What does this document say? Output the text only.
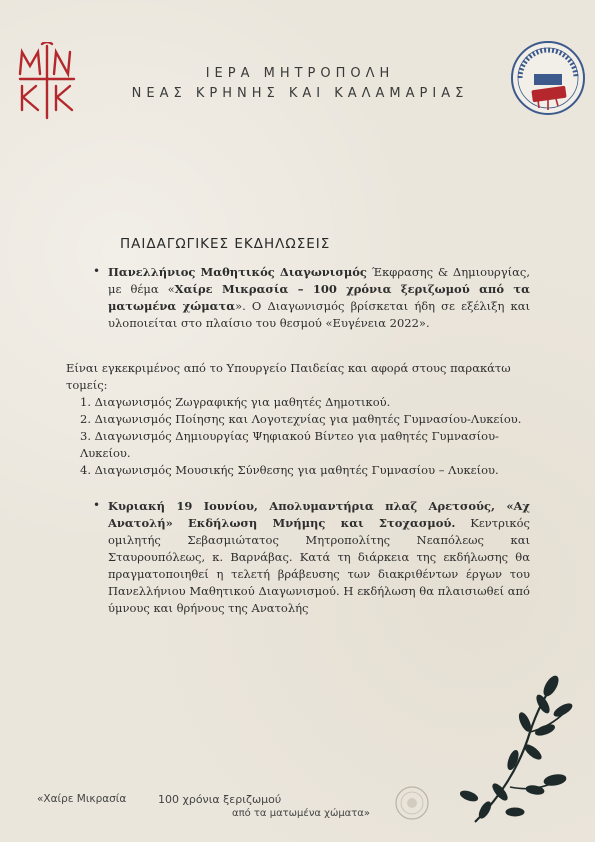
ΙΕΡΑ ΜΗΤΡΟΠΟΛΗ
ΝΕΑΣ ΚΡΗΝΗΣ ΚΑΙ ΚΑΛΑΜΑΡΙΑΣ
ΠΑΙΔΑΓΩΓΙΚΕΣ ΕΚΔΗΛΩΣΕΙΣ
• Πανελλήνιος Μαθητικός Διαγωνισμός Έκφρασης & Δημιουργίας, με θέμα «Χαίρε Μικρασία – 100 χρόνια ξεριζωμού από τα ματωμένα χώματα». Ο Διαγωνισμός βρίσκεται ήδη σε εξέλιξη και υλοποιείται στο πλαίσιο του θεσμού «Ευγένεια 2022».
Είναι εγκεκριμένος από το Υπουργείο Παιδείας και αφορά στους παρακάτω τομείς:
1. Διαγωνισμός Ζωγραφικής για μαθητές Δημοτικού.
2. Διαγωνισμός Ποίησης και Λογοτεχνίας για μαθητές Γυμνασίου-Λυκείου.
3. Διαγωνισμός Δημιουργίας Ψηφιακού Βίντεο για μαθητές Γυμνασίου-Λυκείου.
4. Διαγωνισμός Μουσικής Σύνθεσης για μαθητές Γυμνασίου – Λυκείου.
• Κυριακή 19 Ιουνίου, Απολυμαντήρια πλαζ Αρετσούς, «Αχ Ανατολή» Εκδήλωση Μνήμης και Στοχασμού. Κεντρικός ομιλητής Σεβασμιώτατος Μητροπολίτης Νεαπόλεως και Σταυρουπόλεως, κ. Βαρνάβας. Κατά τη διάρκεια της εκδήλωσης θα πραγματοποιηθεί η τελετή βράβευσης των διακριθέντων έργων του Πανελλήνιου Μαθητικού Διαγωνισμού. Η εκδήλωση θα πλαισιωθεί από ύμνους και θρήνους της Ανατολής
«Χαίρε Μικρασία	100 χρόνια ξεριζωμού
από τα ματωμένα χώματα»
